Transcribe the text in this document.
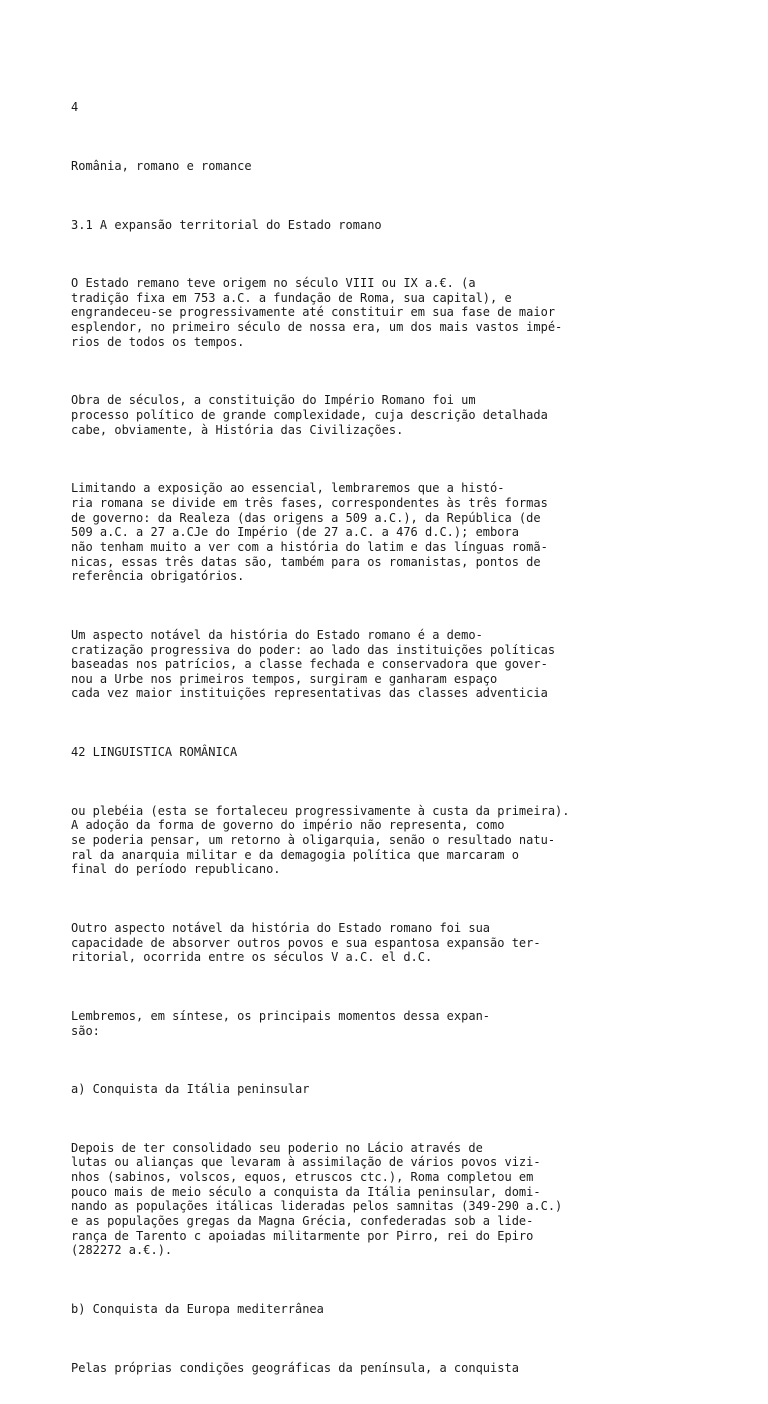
4

România, romano e romance

3.1 A expansão territorial do Estado romano

O Estado remano teve origem no século VIII ou IX a.€. (a
tradição fixa em 753 a.C. a fundação de Roma, sua capital), e
engrandeceu-se progressivamente até constituir em sua fase de maior
esplendor, no primeiro século de nossa era, um dos mais vastos impé-
rios de todos os tempos.

Obra de séculos, a constituição do Império Romano foi um
processo político de grande complexidade, cuja descrição detalhada
cabe, obviamente, à História das Civilizações.

Limitando a exposição ao essencial, lembraremos que a histó-
ria romana se divide em três fases, correspondentes às três formas
de governo: da Realeza (das origens a 509 a.C.), da República (de
509 a.C. a 27 a.CJe do Império (de 27 a.C. a 476 d.C.); embora
não tenham muito a ver com a história do latim e das línguas romã-
nicas, essas três datas são, também para os romanistas, pontos de
referência obrigatórios.

Um aspecto notável da história do Estado romano é a demo-
cratização progressiva do poder: ao lado das instituições políticas
baseadas nos patrícios, a classe fechada e conservadora que gover-
nou a Urbe nos primeiros tempos, surgiram e ganharam espaço
cada vez maior instituições representativas das classes adventicia

42 LINGUISTICA ROMÂNICA

ou plebéia (esta se fortaleceu progressivamente à custa da primeira).
A adoção da forma de governo do império não representa, como
se poderia pensar, um retorno à oligarquia, senão o resultado natu-
ral da anarquia militar e da demagogia política que marcaram o
final do período republicano.

Outro aspecto notável da história do Estado romano foi sua
capacidade de absorver outros povos e sua espantosa expansão ter-
ritorial, ocorrida entre os séculos V a.C. el d.C.

Lembremos, em síntese, os principais momentos dessa expan-
são:

a) Conquista da Itália peninsular

Depois de ter consolidado seu poderio no Lácio através de
lutas ou alianças que levaram à assimilação de vários povos vizi-
nhos (sabinos, volscos, equos, etruscos ctc.), Roma completou em
pouco mais de meio século a conquista da Itália peninsular, domi-
nando as populações itálicas lideradas pelos samnitas (349-290 a.C.)
e as populações gregas da Magna Grécia, confederadas sob a lide-
rança de Tarento c apoiadas militarmente por Pirro, rei do Epiro
(282272 a.€.).

b) Conquista da Europa mediterrânea

Pelas próprias condições geográficas da península, a conquista
